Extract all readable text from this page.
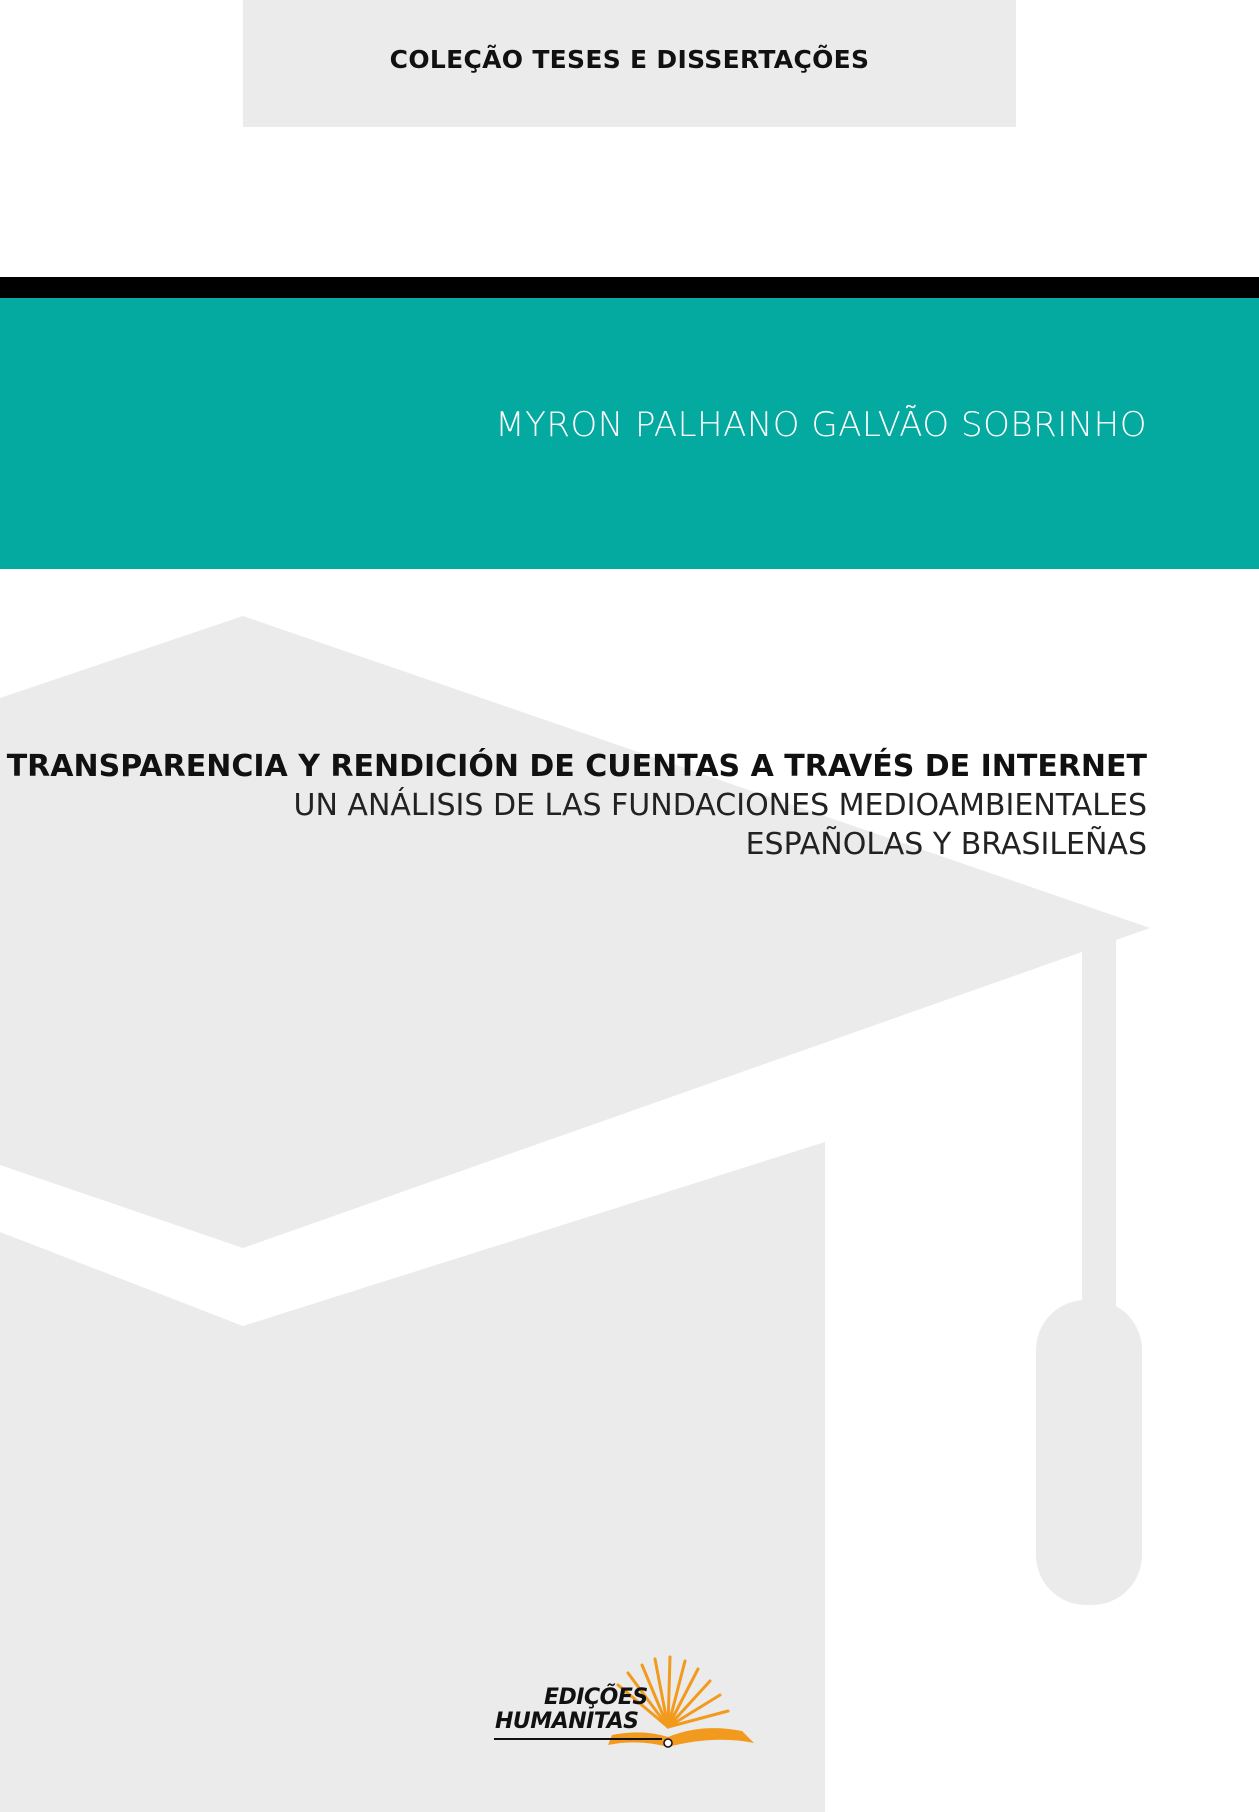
COLEÇÃO TESES E DISSERTAÇÕES
MYRON PALHANO GALVÃO SOBRINHO
TRANSPARENCIA Y RENDICIÓN DE CUENTAS A TRAVÉS DE INTERNET
UN ANÁLISIS DE LAS FUNDACIONES MEDIOAMBIENTALES
ESPAÑOLAS Y BRASILEÑAS
EDIÇÕES
HUMANITAS
